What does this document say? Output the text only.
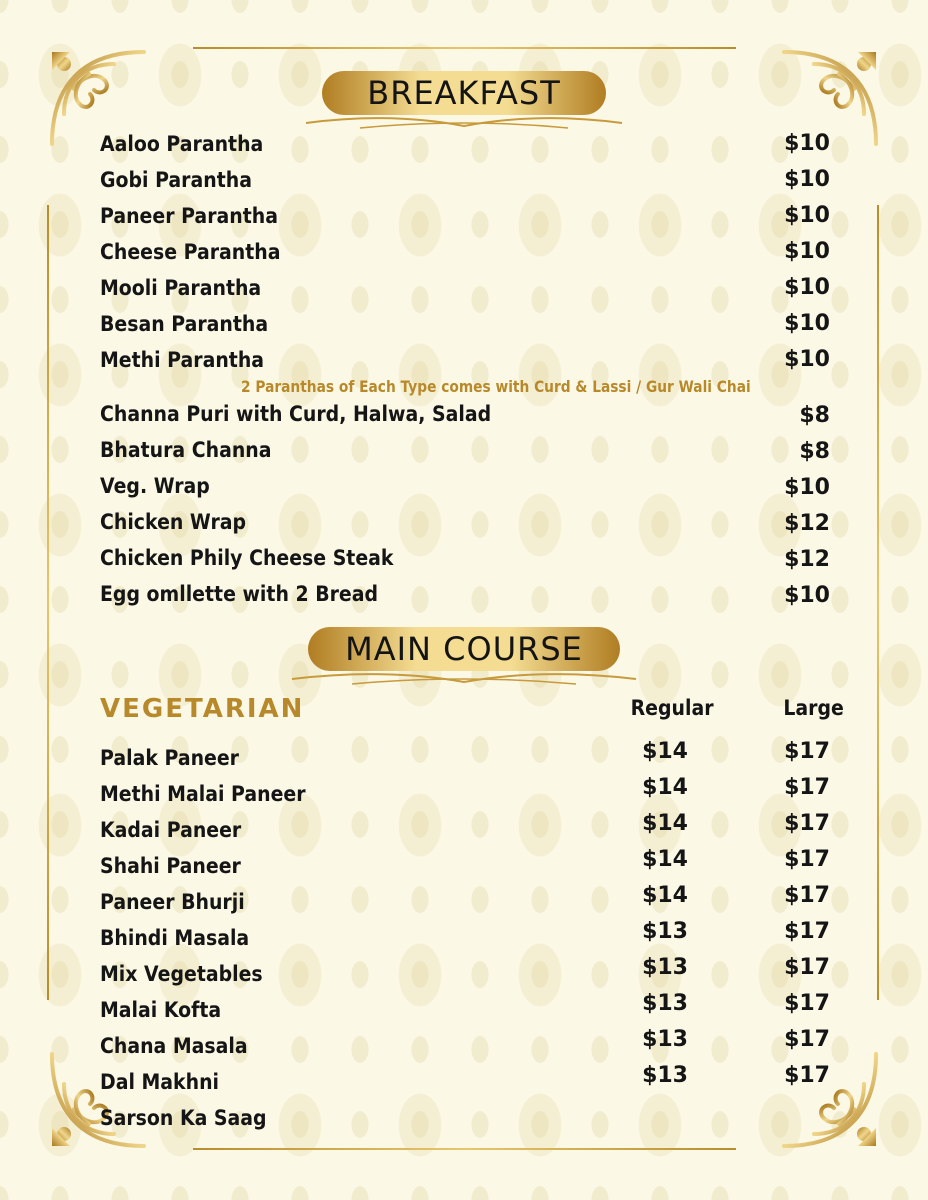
BREAKFAST
Aaloo Parantha	$10
Gobi Parantha	$10
Paneer Parantha	$10
Cheese Parantha	$10
Mooli Parantha	$10
Besan Parantha	$10
Methi Parantha	$10
2 Paranthas of Each Type comes with Curd & Lassi / Gur Wali Chai
Channa Puri with Curd, Halwa, Salad	$8
Bhatura Channa	$8
Veg. Wrap	$10
Chicken Wrap	$12
Chicken Phily Cheese Steak	$12
Egg omllette with 2 Bread	$10
MAIN COURSE
VEGETARIAN	Regular	Large
Palak Paneer	$14	$17
Methi Malai Paneer	$14	$17
Kadai Paneer	$14	$17
Shahi Paneer	$14	$17
Paneer Bhurji	$14	$17
Bhindi Masala	$13	$17
Mix Vegetables	$13	$17
Malai Kofta	$13	$17
Chana Masala	$13	$17
Dal Makhni	$13	$17
Sarson Ka Saag
